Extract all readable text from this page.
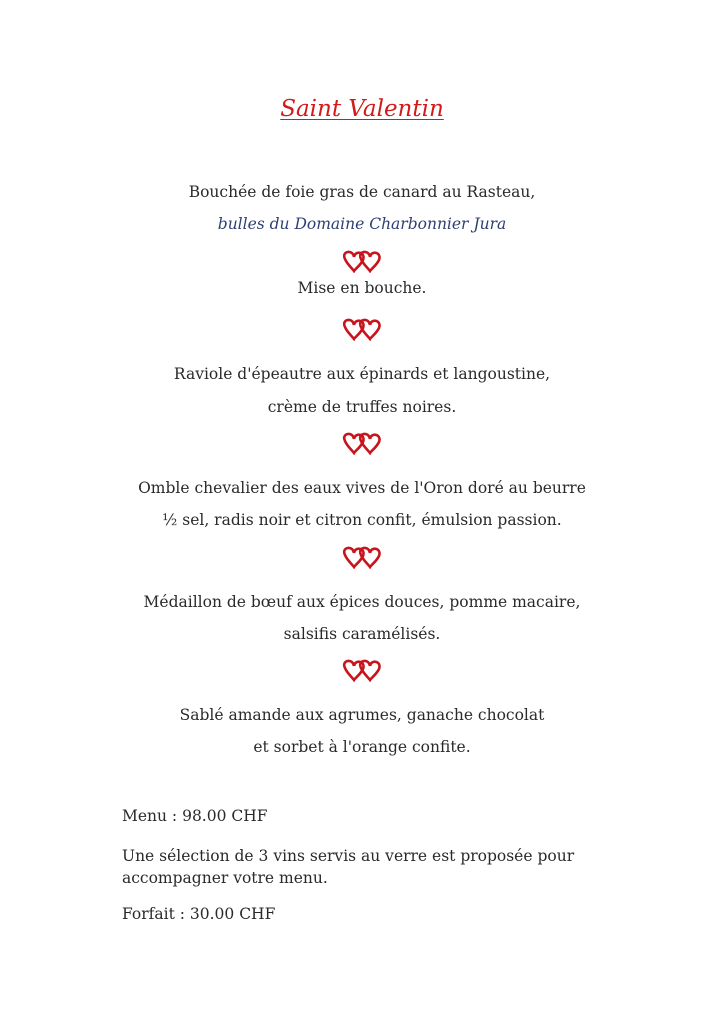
Saint Valentin
Bouchée de foie gras de canard au Rasteau,
bulles du Domaine Charbonnier Jura
Mise en bouche.
Raviole d'épeautre aux épinards et langoustine,
crème de truffes noires.
Omble chevalier des eaux vives de l'Oron doré au beurre
½ sel, radis noir et citron confit, émulsion passion.
Médaillon de bœuf aux épices douces, pomme macaire,
salsifis caramélisés.
Sablé amande aux agrumes, ganache chocolat
et sorbet à l'orange confite.
Menu : 98.00 CHF
Une sélection de 3 vins servis au verre est proposée pour
accompagner votre menu.
Forfait : 30.00 CHF
